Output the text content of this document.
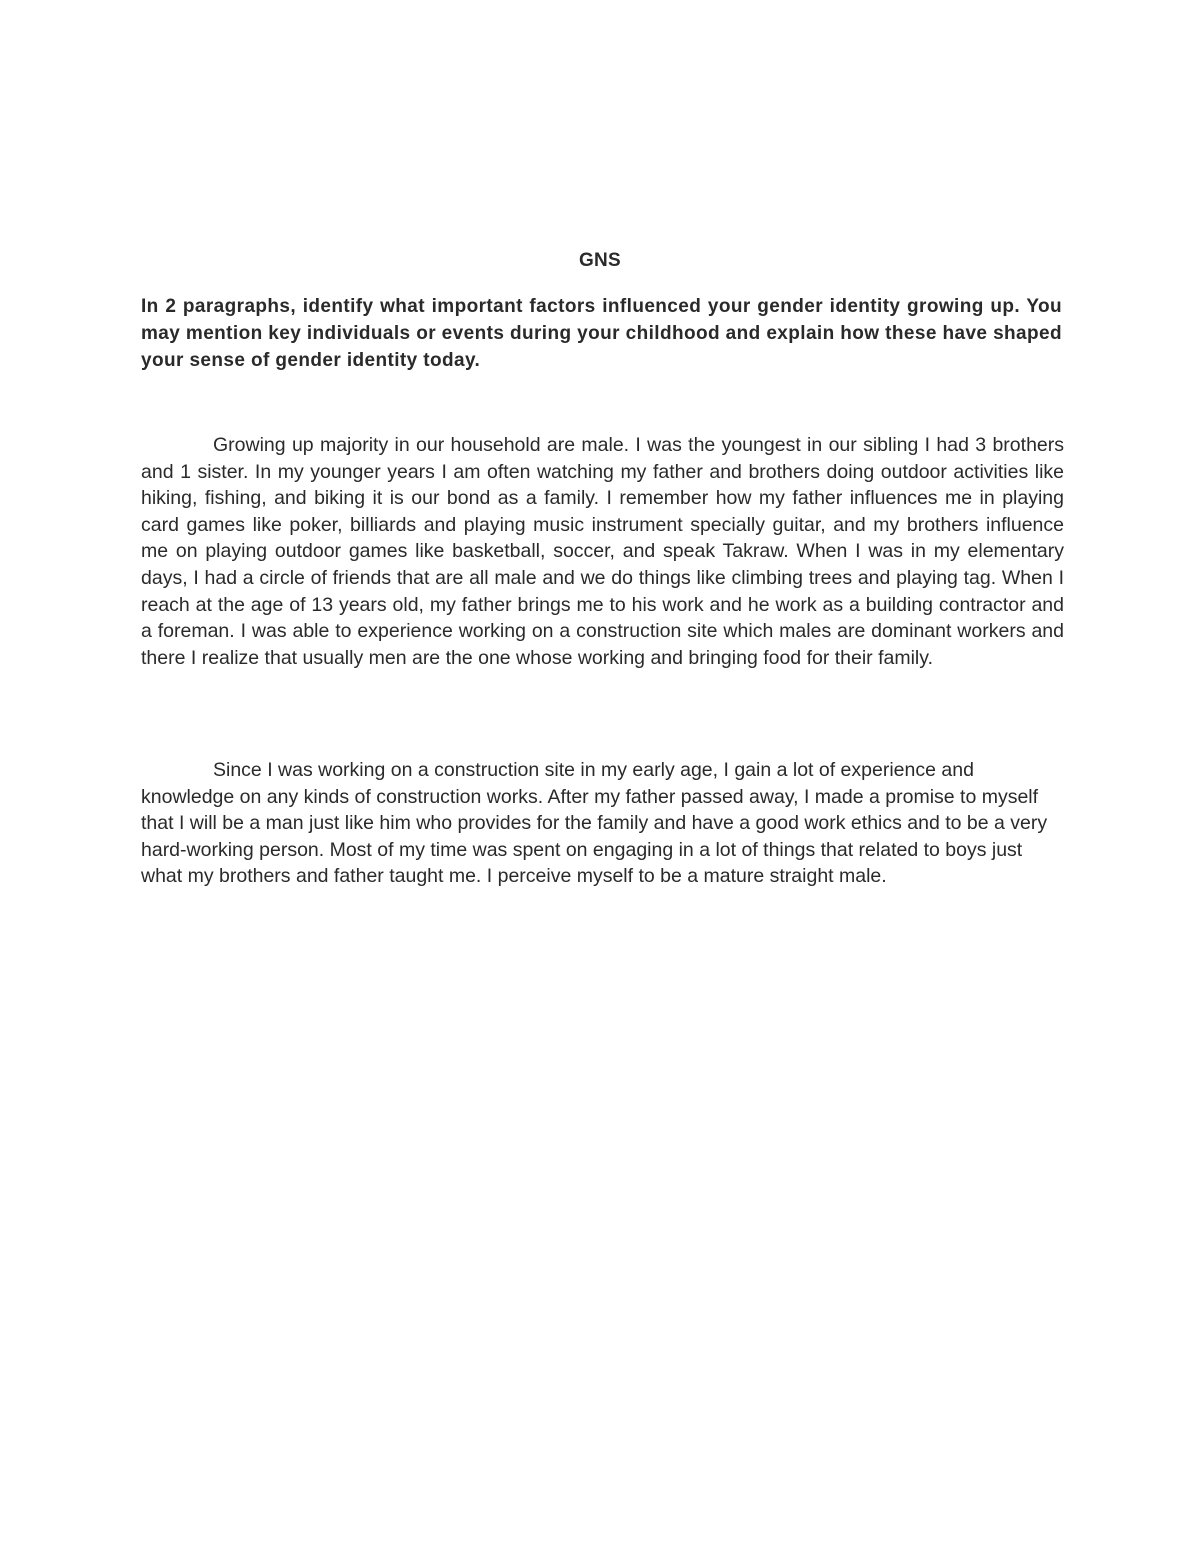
GNS

In 2 paragraphs, identify what important factors influenced your gender identity growing up. You may mention key individuals or events during your childhood and explain how these have shaped your sense of gender identity today.

Growing up majority in our household are male. I was the youngest in our sibling I had 3 brothers and 1 sister. In my younger years I am often watching my father and brothers doing outdoor activities like hiking, fishing, and biking it is our bond as a family. I remember how my father influences me in playing card games like poker, billiards and playing music instrument specially guitar, and my brothers influence me on playing outdoor games like basketball, soccer, and speak Takraw. When I was in my elementary days, I had a circle of friends that are all male and we do things like climbing trees and playing tag. When I reach at the age of 13 years old, my father brings me to his work and he work as a building contractor and a foreman. I was able to experience working on a construction site which males are dominant workers and there I realize that usually men are the one whose working and bringing food for their family.

Since I was working on a construction site in my early age, I gain a lot of experience and knowledge on any kinds of construction works. After my father passed away, I made a promise to myself that I will be a man just like him who provides for the family and have a good work ethics and to be a very hard-working person. Most of my time was spent on engaging in a lot of things that related to boys just what my brothers and father taught me. I perceive myself to be a mature straight male.
